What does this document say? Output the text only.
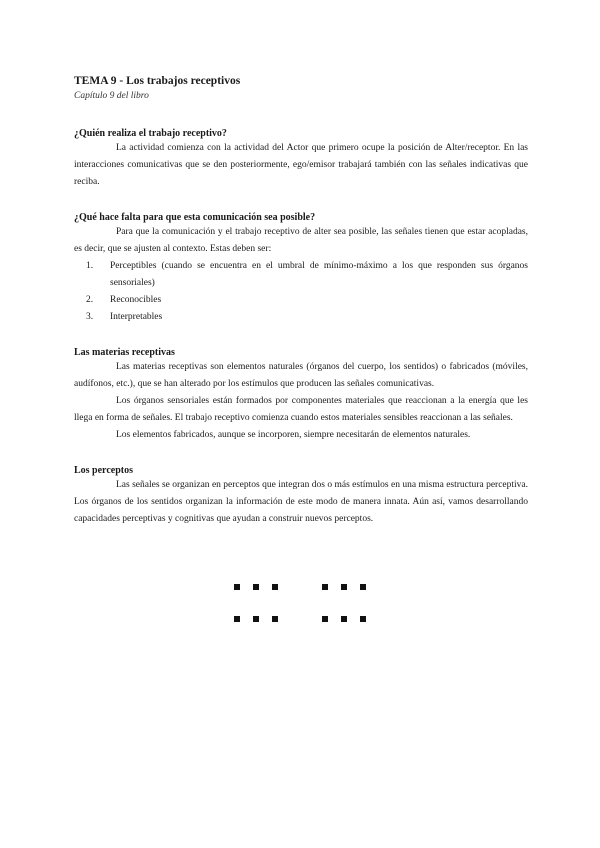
TEMA 9 - Los trabajos receptivos

Capítulo 9 del libro

¿Quién realiza el trabajo receptivo?

La actividad comienza con la actividad del Actor que primero ocupe la posición de Alter/receptor. En las interacciones comunicativas que se den posteriormente, ego/emisor trabajará también con las señales indicativas que reciba.

¿Qué hace falta para que esta comunicación sea posible?

Para que la comunicación y el trabajo receptivo de alter sea posible, las señales tienen que estar acopladas, es decir, que se ajusten al contexto. Estas deben ser:

1.	Perceptibles (cuando se encuentra en el umbral de mínimo-máximo a los que responden sus órganos sensoriales)
2.	Reconocibles
3.	Interpretables

Las materias receptivas

Las materias receptivas son elementos naturales (órganos del cuerpo, los sentidos) o fabricados (móviles, audífonos, etc.), que se han alterado por los estímulos que producen las señales comunicativas.

Los órganos sensoriales están formados por componentes materiales que reaccionan a la energía que les llega en forma de señales. El trabajo receptivo comienza cuando estos materiales sensibles reaccionan a las señales.

Los elementos fabricados, aunque se incorporen, siempre necesitarán de elementos naturales.

Los perceptos

Las señales se organizan en perceptos que integran dos o más estímulos en una misma estructura perceptiva. Los órganos de los sentidos organizan la información de este modo de manera innata. Aún así, vamos desarrollando capacidades perceptivas y cognitivas que ayudan a construir nuevos perceptos.
